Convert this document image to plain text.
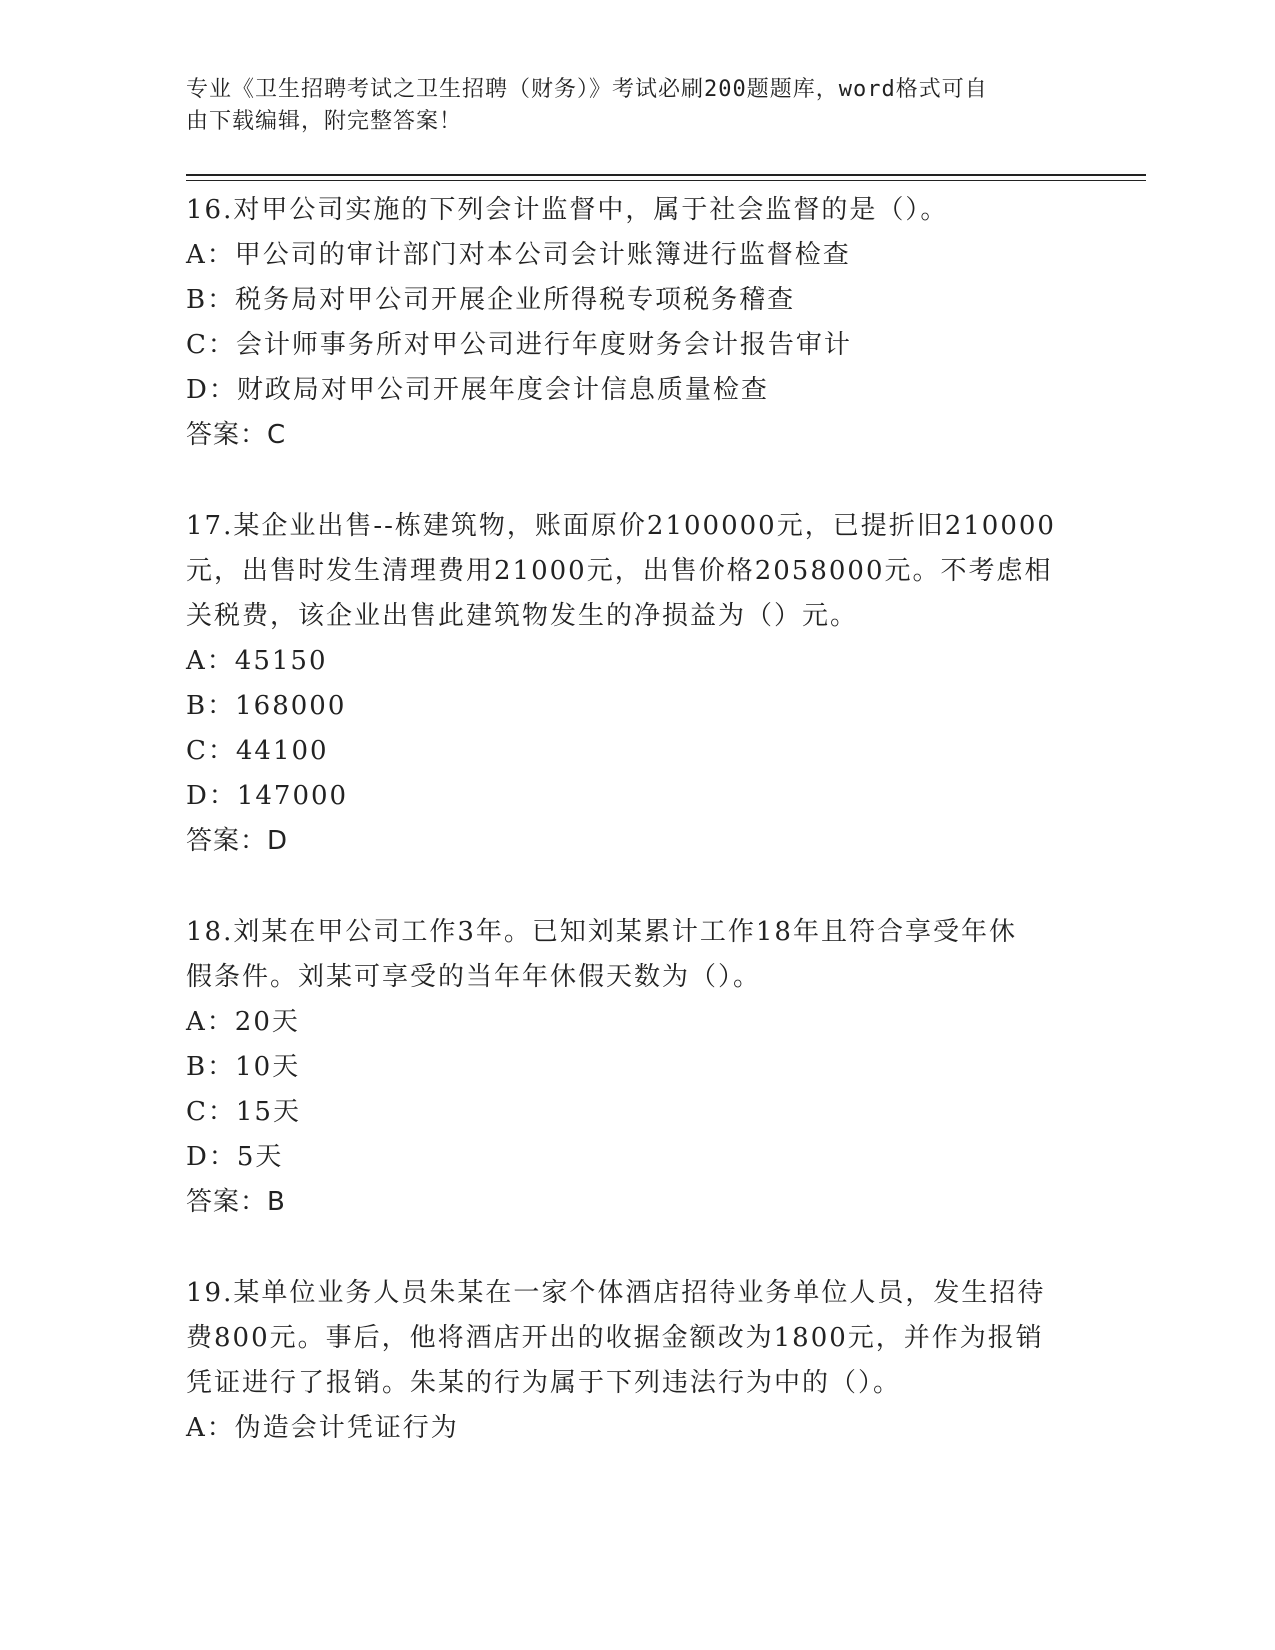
专业《卫生招聘考试之卫生招聘（财务）》考试必刷200题题库，word格式可自
由下载编辑，附完整答案！
16.对甲公司实施的下列会计监督中，属于社会监督的是（）。
A：甲公司的审计部门对本公司会计账簿进行监督检查
B：税务局对甲公司开展企业所得税专项税务稽查
C：会计师事务所对甲公司进行年度财务会计报告审计
D：财政局对甲公司开展年度会计信息质量检查
答案：C
17.某企业出售--栋建筑物，账面原价2100000元，已提折旧210000
元，出售时发生清理费用21000元，出售价格2058000元。不考虑相
关税费，该企业出售此建筑物发生的净损益为（）元。
A：45150
B：168000
C：44100
D：147000
答案：D
18.刘某在甲公司工作3年。已知刘某累计工作18年且符合享受年休
假条件。刘某可享受的当年年休假天数为（）。
A：20天
B：10天
C：15天
D：5天
答案：B
19.某单位业务人员朱某在一家个体酒店招待业务单位人员，发生招待
费800元。事后，他将酒店开出的收据金额改为1800元，并作为报销
凭证进行了报销。朱某的行为属于下列违法行为中的（）。
A：伪造会计凭证行为
